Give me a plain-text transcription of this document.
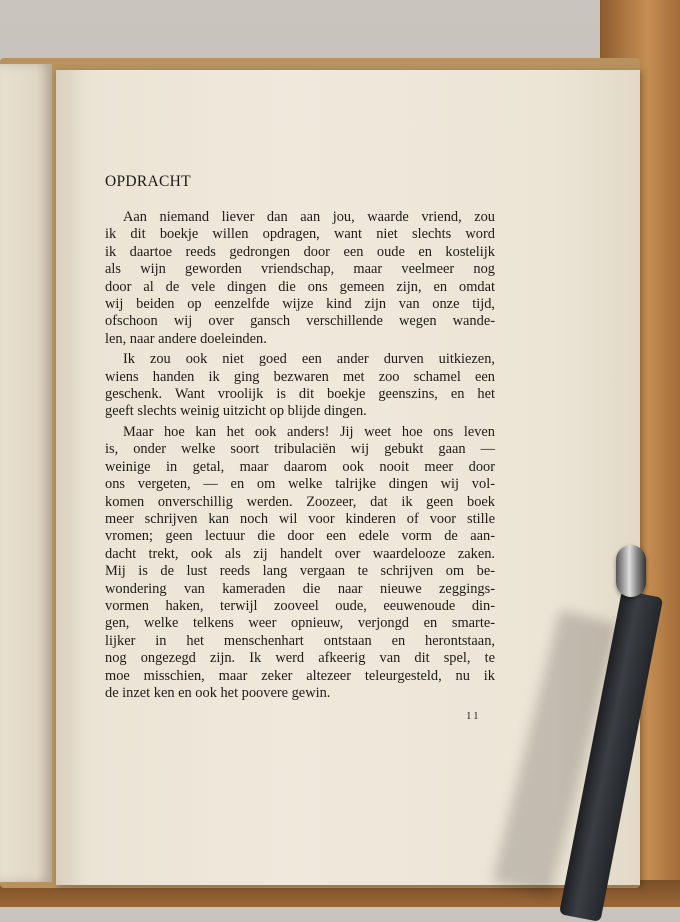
OPDRACHT
Aan niemand liever dan aan jou, waarde vriend, zou
ik dit boekje willen opdragen, want niet slechts word
ik daartoe reeds gedrongen door een oude en kostelijk
als wijn geworden vriendschap, maar veelmeer nog
door al de vele dingen die ons gemeen zijn, en omdat
wij beiden op eenzelfde wijze kind zijn van onze tijd,
ofschoon wij over gansch verschillende wegen wande-
len, naar andere doeleinden.
Ik zou ook niet goed een ander durven uitkiezen,
wiens handen ik ging bezwaren met zoo schamel een
geschenk. Want vroolijk is dit boekje geenszins, en het
geeft slechts weinig uitzicht op blijde dingen.
Maar hoe kan het ook anders! Jij weet hoe ons leven
is, onder welke soort tribulaciën wij gebukt gaan —
weinige in getal, maar daarom ook nooit meer door
ons vergeten, — en om welke talrijke dingen wij vol-
komen onverschillig werden. Zoozeer, dat ik geen boek
meer schrijven kan noch wil voor kinderen of voor stille
vromen; geen lectuur die door een edele vorm de aan-
dacht trekt, ook als zij handelt over waardelooze zaken.
Mij is de lust reeds lang vergaan te schrijven om be-
wondering van kameraden die naar nieuwe zeggings-
vormen haken, terwijl zooveel oude, eeuwenoude din-
gen, welke telkens weer opnieuw, verjongd en smarte-
lijker in het menschenhart ontstaan en herontstaan,
nog ongezegd zijn. Ik werd afkeerig van dit spel, te
moe misschien, maar zeker altezeer teleurgesteld, nu ik
de inzet ken en ook het poovere gewin.
11
